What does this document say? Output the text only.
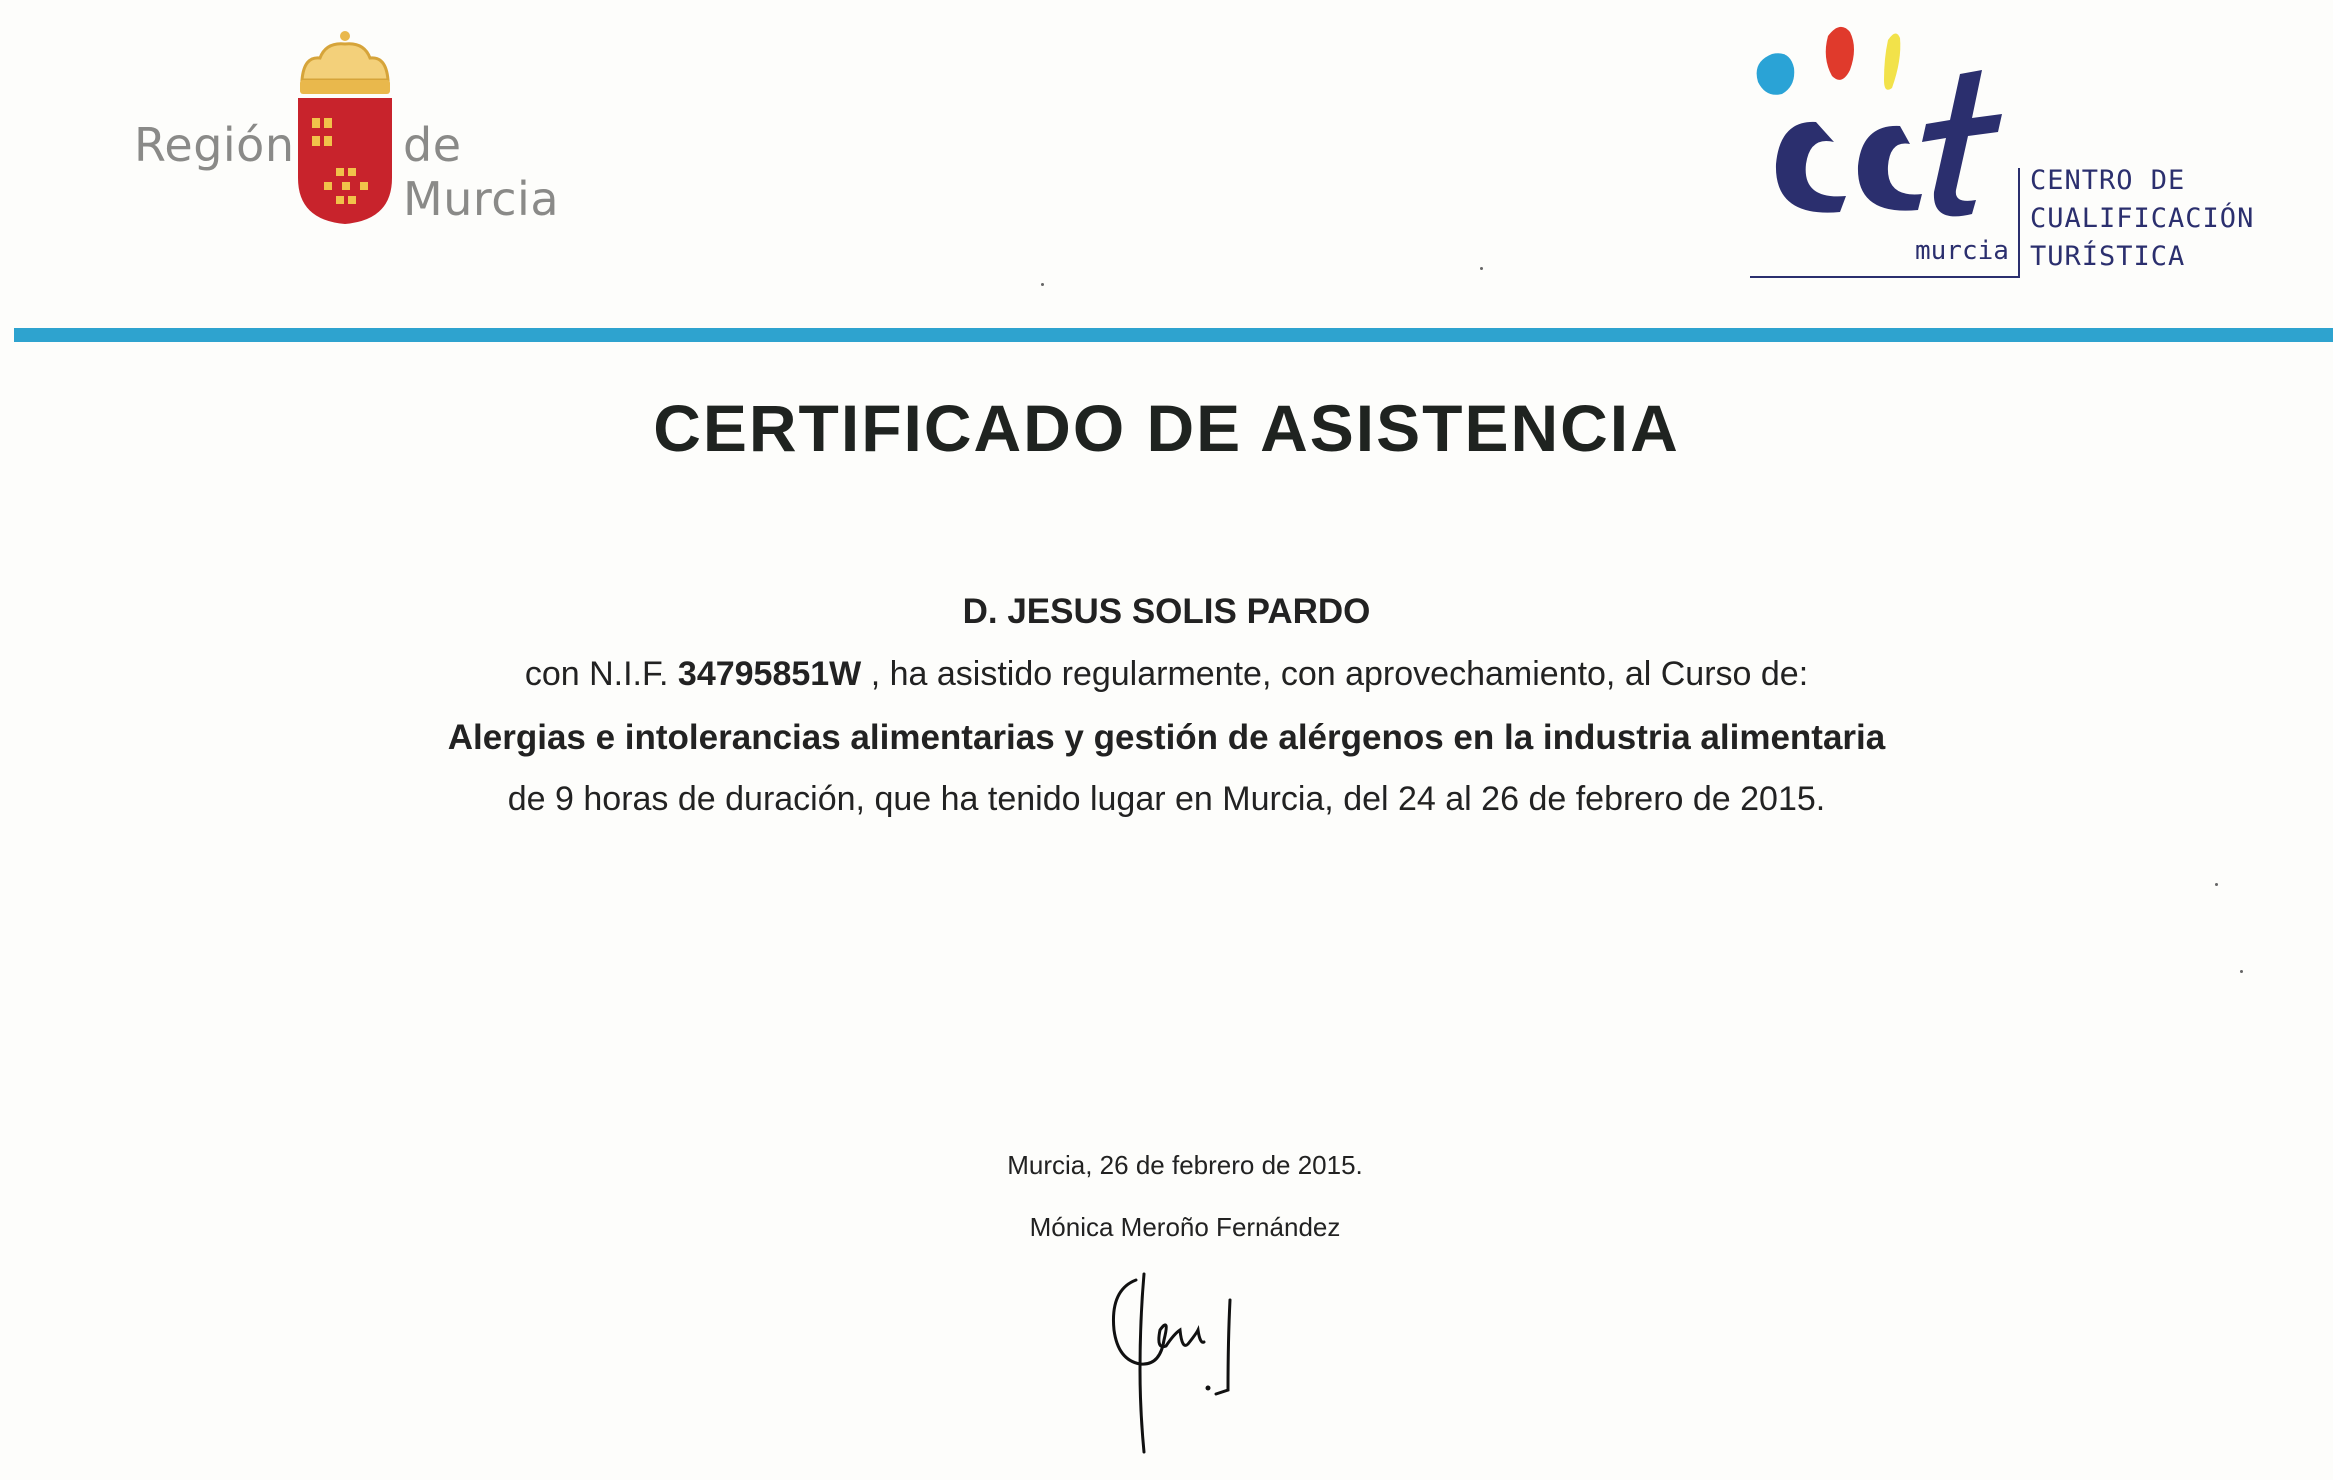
Región de Murcia
murcia
CENTRO DE
CUALIFICACIÓN
TURÍSTICA
CERTIFICADO DE ASISTENCIA
D. JESUS SOLIS PARDO
con N.I.F. 34795851W , ha asistido regularmente, con aprovechamiento, al Curso de:
Alergias e intolerancias alimentarias y gestión de alérgenos en la industria alimentaria
de 9 horas de duración, que ha tenido lugar en Murcia, del 24 al 26 de febrero de 2015.
Murcia, 26 de febrero de 2015.
Mónica Meroño Fernández
